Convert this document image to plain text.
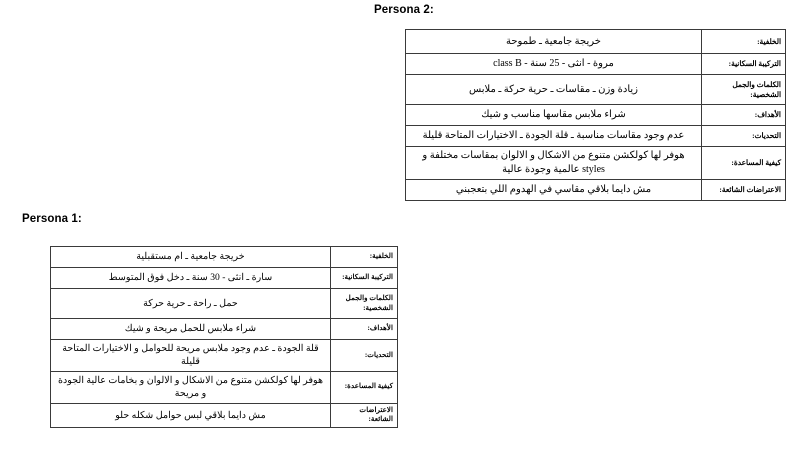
Persona 2:
الخلفية:	خريجة جامعية ـ طموحة
التركيبة السكانية:	مروة - انثى - 25 سنة - class B
الكلمات والجمل الشخصية:	زيادة وزن ـ مقاسات ـ حرية حركة ـ ملابس
الأهداف:	شراء ملابس مقاسها مناسب و شيك
التحديات:	عدم وجود مقاسات مناسبة ـ قلة الجودة ـ الاختيارات المتاحة قليلة
كيفية المساعدة:	هوفر لها كولكشن متنوع من الاشكال و الالوان بمقاسات مختلفة و styles عالمية وجودة عالية
الاعتراضات الشائعة:	مش دايما بلاقي مقاسي في الهدوم اللي بتعجبني
Persona 1:
الخلفية:	خريجة جامعية ـ ام مستقبلية
التركيبة السكانية:	سارة ـ انثى - 30 سنة ـ دخل فوق المتوسط
الكلمات والجمل الشخصية:	حمل ـ راحة ـ حرية حركة
الأهداف:	شراء ملابس للحمل مريحة و شيك
التحديات:	قلة الجودة ـ عدم وجود ملابس مريحة للحوامل و الاختيارات المتاحة قليلة
كيفية المساعدة:	هوفر لها كولكشن متنوع من الاشكال و الالوان و بخامات عالية الجودة و مريحة
الاعتراضات الشائعة:	مش دايما بلاقي لبس حوامل شكله حلو
